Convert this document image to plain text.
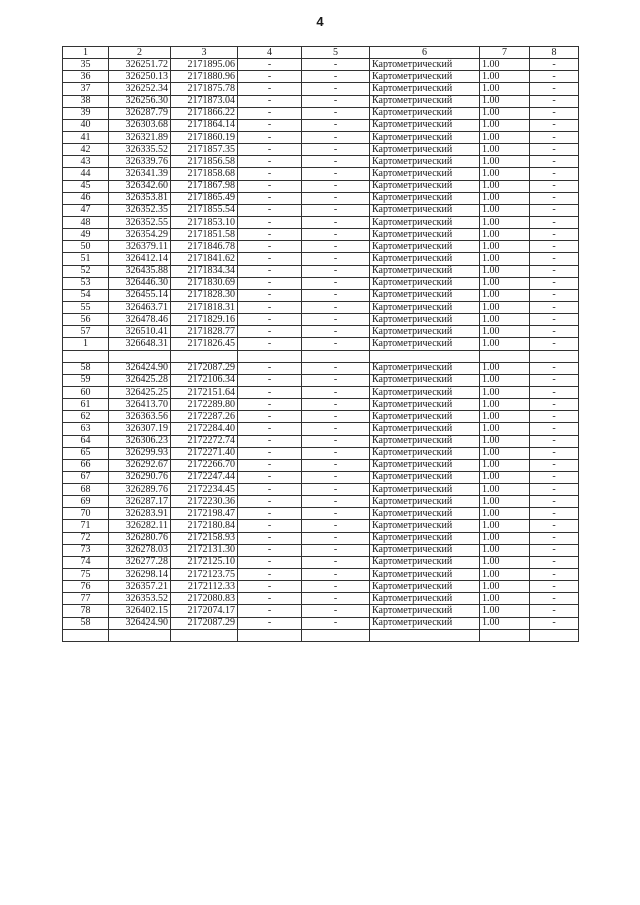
4
1	2	3	4	5	6	7	8
35	326251.72	2171895.06	-	-	Картометрический	1.00	-
36	326250.13	2171880.96	-	-	Картометрический	1.00	-
37	326252.34	2171875.78	-	-	Картометрический	1.00	-
38	326256.30	2171873.04	-	-	Картометрический	1.00	-
39	326287.79	2171866.22	-	-	Картометрический	1.00	-
40	326303.68	2171864.14	-	-	Картометрический	1.00	-
41	326321.89	2171860.19	-	-	Картометрический	1.00	-
42	326335.52	2171857.35	-	-	Картометрический	1.00	-
43	326339.76	2171856.58	-	-	Картометрический	1.00	-
44	326341.39	2171858.68	-	-	Картометрический	1.00	-
45	326342.60	2171867.98	-	-	Картометрический	1.00	-
46	326353.81	2171865.49	-	-	Картометрический	1.00	-
47	326352.35	2171855.54	-	-	Картометрический	1.00	-
48	326352.55	2171853.10	-	-	Картометрический	1.00	-
49	326354.29	2171851.58	-	-	Картометрический	1.00	-
50	326379.11	2171846.78	-	-	Картометрический	1.00	-
51	326412.14	2171841.62	-	-	Картометрический	1.00	-
52	326435.88	2171834.34	-	-	Картометрический	1.00	-
53	326446.30	2171830.69	-	-	Картометрический	1.00	-
54	326455.14	2171828.30	-	-	Картометрический	1.00	-
55	326463.71	2171818.31	-	-	Картометрический	1.00	-
56	326478.46	2171829.16	-	-	Картометрический	1.00	-
57	326510.41	2171828.77	-	-	Картометрический	1.00	-
1	326648.31	2171826.45	-	-	Картометрический	1.00	-

58	326424.90	2172087.29	-	-	Картометрический	1.00	-
59	326425.28	2172106.34	-	-	Картометрический	1.00	-
60	326425.25	2172151.64	-	-	Картометрический	1.00	-
61	326413.70	2172289.80	-	-	Картометрический	1.00	-
62	326363.56	2172287.26	-	-	Картометрический	1.00	-
63	326307.19	2172284.40	-	-	Картометрический	1.00	-
64	326306.23	2172272.74	-	-	Картометрический	1.00	-
65	326299.93	2172271.40	-	-	Картометрический	1.00	-
66	326292.67	2172266.70	-	-	Картометрический	1.00	-
67	326290.76	2172247.44	-	-	Картометрический	1.00	-
68	326289.76	2172234.45	-	-	Картометрический	1.00	-
69	326287.17	2172230.36	-	-	Картометрический	1.00	-
70	326283.91	2172198.47	-	-	Картометрический	1.00	-
71	326282.11	2172180.84	-	-	Картометрический	1.00	-
72	326280.76	2172158.93	-	-	Картометрический	1.00	-
73	326278.03	2172131.30	-	-	Картометрический	1.00	-
74	326277.28	2172125.10	-	-	Картометрический	1.00	-
75	326298.14	2172123.75	-	-	Картометрический	1.00	-
76	326357.21	2172112.33	-	-	Картометрический	1.00	-
77	326353.52	2172080.83	-	-	Картометрический	1.00	-
78	326402.15	2172074.17	-	-	Картометрический	1.00	-
58	326424.90	2172087.29	-	-	Картометрический	1.00	-
